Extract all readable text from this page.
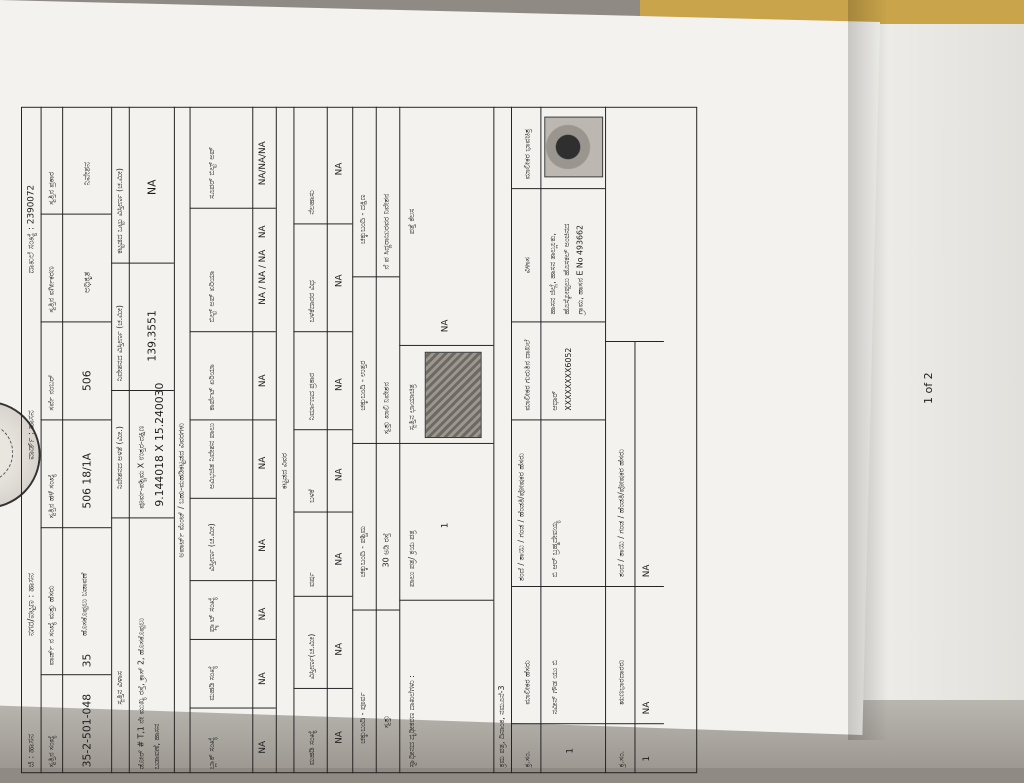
ಜಿ : ಹಾಸನ
ನಗರ/ಪಟ್ಟಣ : ಹಾಸನ
ವಾರ್ಡ್ : ಹಾಸನ
ದಾಖಲೆ ಸಂಖ್ಯೆ : 2390072
ಸ್ವತ್ತಿನ ಸಂಖ್ಯೆ
ವಾರ್ಡ್ ನ ಸಂಖ್ಯೆ ಮತ್ತು ಹೆಸರು
ಸ್ವತ್ತಿನ ಹಳೆ ಸಂಖ್ಯೆ
ಸರ್ವೆ ನಂಬರ್
ಸ್ವತ್ತಿನ ವರ್ಗೀಕರಣ
ಸ್ವತ್ತಿನ ಪ್ರಕಾರ
35-2-501-048
35
ಹೊಸಕೊಪ್ಪಲು ಬಡಾವಣೆ
506 18/1A
506
ಅಧಿಕೃತ
ನಿವೇಶನ
ಸ್ವತ್ತಿನ ವಿಳಾಸ
ನಿವೇಶನದ ಅಳತೆ (ಮೀ.)
ನಿವೇಶನದ ವಿಸ್ತೀರ್ಣ (ಚ.ಮೀ)
ಕಟ್ಟಡದ ಒಟ್ಟು ವಿಸ್ತೀರ್ಣ (ಚ.ಮೀ)
ಡೋರ್ # T,1 ನೇ ಮುಖ್ಯ ರಸ್ತೆ, ಕ್ರಾಸ್ 2, ಹೊಸಕೊಪ್ಪಲು ಬಡಾವಣೆ, ಹಾಸನ
ಪೂರ್ವ-ಪಶ್ಚಿಮ X ಉತ್ತರ-ದಕ್ಷಿಣ 9.144018 X 15.240030
139.3551
NA
ಅಪಾರ್ಟ್ ಮೆಂಟ್ / ಬಹು-ಮಹಡಿಕಟ್ಟಡದ ವಿವರಗಳು
ಬ್ಲಾಕ್ ಸಂಖ್ಯೆ
ಮಹಡಿ ಸಂಖ್ಯೆ
ಫ್ಲ್ಯಾಟ್ ಸಂಖ್ಯೆ
ವಿಸ್ತೀರ್ಣ (ಚ.ಮೀ)
ಅವಿಭಜಿತ ನಿವೇಶನ ಪಾಲು
ಕಾರ್ಪೆಟ್ ಏರಿಯಾ
ಬಿಲ್ಟ್ ಅಪ್ ಏರಿಯಾ
ಸೂಪರ್ ಬಿಲ್ಟ್ ಅಪ್
NA
NA
NA
NA
NA
NA
NA / NA / NA
NA
NA/NA/NA
ಕಟ್ಟಡದ ವಿವರ
ಮಹಡಿ ಸಂಖ್ಯೆ
ವಿಸ್ತೀರ್ಣ(ಚ.ಮೀ)
ವರ್ಷ
ಬಳಕೆ
ನಿರ್ಮಾಣದ ಪ್ರಕಾರ
ಬಳಕೆದಾರರ ವಿಧ
ನೆಲಹಾಸು
NA
NA
NA
NA
NA
NA
NA
ಚಕ್ಕುಬಂದಿ - ಪೂರ್ವ
ಚಕ್ಕುಬಂದಿ - ಪಶ್ಚಿಮ
ಚಕ್ಕುಬಂದಿ - ಉತ್ತರ
ಚಕ್ಕುಬಂದಿ - ದಕ್ಷಿಣ
ಸ್ವತ್ತು
30 ಅಡಿ ರಸ್ತೆ
ಸ್ವತ್ತು ಖಾಲಿ ನಿವೇಶನ
ನೆ ಪ ಸಿದ್ದರಾಜುರವರ ನಿವೇಶನ
ಸ್ವಾಧೀನದ ದೃಢೀಕರಣ ದಾಖಲೆಗಳು :
ಪಾಲು ಪತ್ರ/ ಕ್ರಯ ಪತ್ರ
ಸ್ವತ್ತಿನ ಛಾಯಾಚಿತ್ರ
ಪತ್ತೆ ಕೆಲಸ
1
NA
ಕ್ರಮ ಪತ್ರ, ದಿನಾಂಕ, ನಮೂನೆ-3 ಕ್ರ.ಸಂ.
ಮಾಲೀಕರ ಹೆಸರು
ತಂದೆ / ತಾಯಿ / ಗಂಡ / ಹೆಂಡತಿ/ಪೋಷಕರ ಹೆಸರು
ಮಾಲೀಕರ ಗುರುತಿನ ದಾಖಲೆ
ವಿಳಾಸ
ಮಾಲೀಕರ ಭಾವಚಿತ್ರ
1
ನವೀನ್ ಗೌಡ ಯು ಬಿ
ಬಿ ಆರ್ ಬ್ರಹ್ಮದೇವಯ್ಯ
ಆಧಾರ್ XXXXXXXX6052
ಹಾಸನ ಜಿಲ್ಲೆ, ಹಾಸನ ತಾಲ್ಲೂಕು, ಹೊಸ್ಕೋಪ್ಪಲು ಹೊಸಕಲ್ ಅಂಚಿನದ ಗ್ರಾಮ, ಹಾಸನ E No 493662
ಕ್ರ.ಸಂ.
ಋಣಭಾರದಾರರು
ತಂದೆ / ತಾಯಿ / ಗಂಡ / ಹೆಂಡತಿ/ಪೋಷಕರ ಹೆಸರು
1
NA
NA
1 of 2
